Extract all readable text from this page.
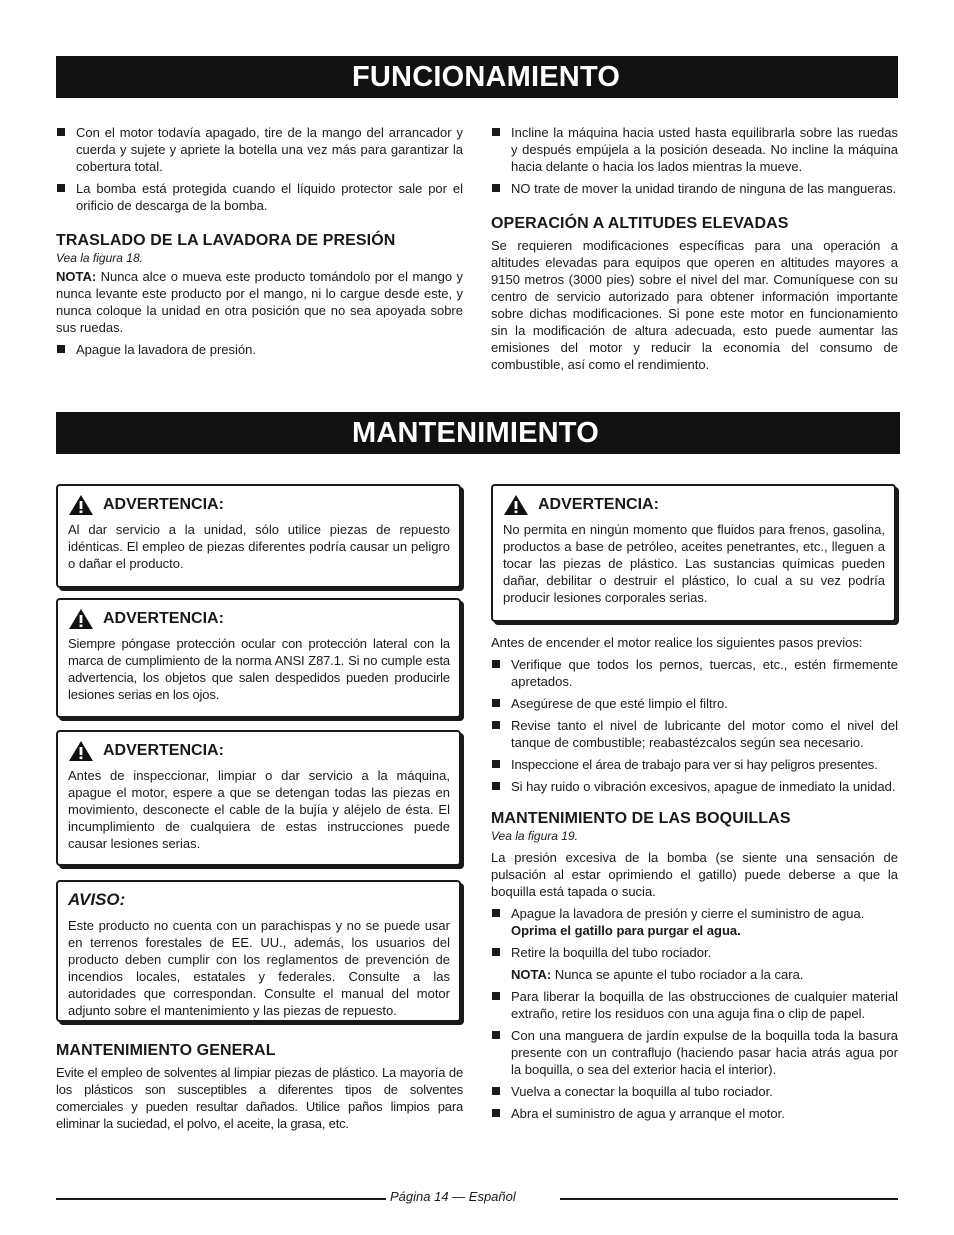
FUNCIONAMIENTO
Con el motor todavía apagado, tire de la mango del arrancador y cuerda y sujete y apriete la botella una vez más para garantizar la cobertura total.
La bomba está protegida cuando el líquido protector sale por el orificio de descarga de la bomba.
TRASLADO DE LA LAVADORA DE PRESIÓN

Vea la figura 18.

NOTA: Nunca alce o mueva este producto tomándolo por el mango y nunca levante este producto por el mango, ni lo cargue desde este, y nunca coloque la unidad en otra posición que no sea apoyada sobre sus ruedas.

Apague la lavadora de presión.
Incline la máquina hacia usted hasta equilibrarla sobre las ruedas y después empújela a la posición deseada. No incline la máquina hacia delante o hacia los lados mientras la mueve.
NO trate de mover la unidad tirando de ninguna de las mangueras.
OPERACIÓN A ALTITUDES ELEVADAS

Se requieren modificaciones específicas para una operación a altitudes elevadas para equipos que operen en altitudes mayores a 9150 metros (3000 pies) sobre el nivel del mar. Comuníquese con su centro de servicio autorizado para obtener información importante sobre dichas modificaciones. Si pone este motor en funcionamiento sin la modificación de altura adecuada, esto puede aumentar las emisiones del motor y reducir la economía del consumo de combustible, así como el rendimiento.

MANTENIMIENTO
ADVERTENCIA:
Al dar servicio a la unidad, sólo utilice piezas de repuesto idénticas. El empleo de piezas diferentes podría causar un peligro o dañar el producto.
ADVERTENCIA:
Siempre póngase protección ocular con protección lateral con la marca de cumplimiento de la norma ANSI Z87.1. Si no cumple esta advertencia, los objetos que salen despedidos pueden producirle lesiones serias en los ojos.
ADVERTENCIA:
Antes de inspeccionar, limpiar o dar servicio a la máquina, apague el motor, espere a que se detengan todas las piezas en movimiento, desconecte el cable de la bujía y aléjelo de ésta. El incumplimiento de cualquiera de estas instrucciones puede causar lesiones serias.
AVISO:
Este producto no cuenta con un parachispas y no se puede usar en terrenos forestales de EE. UU., además, los usuarios del producto deben cumplir con los reglamentos de prevención de incendios locales, estatales y federales. Consulte a las autoridades que correspondan. Consulte el manual del motor adjunto sobre el mantenimiento y las piezas de repuesto.
MANTENIMIENTO GENERAL

Evite el empleo de solventes al limpiar piezas de plástico. La mayoría de los plásticos son susceptibles a diferentes tipos de solventes comerciales y pueden resultar dañados. Utilice paños limpios para eliminar la suciedad, el polvo, el aceite, la grasa, etc.

ADVERTENCIA:
No permita en ningún momento que fluidos para frenos, gasolina, productos a base de petróleo, aceites penetrantes, etc., lleguen a tocar las piezas de plástico. Las sustancias químicas pueden dañar, debilitar o destruir el plástico, lo cual a su vez podría producir lesiones corporales serias.

Antes de encender el motor realice los siguientes pasos previos:

Verifique que todos los pernos, tuercas, etc., estén firmemente apretados.
Asegúrese de que esté limpio el filtro.
Revise tanto el nivel de lubricante del motor como el nivel del tanque de combustible; reabastézcalos según sea necesario.
Inspeccione el área de trabajo para ver si hay peligros presentes.
Si hay ruido o vibración excesivos, apague de inmediato la unidad.
MANTENIMIENTO DE LAS BOQUILLAS

Vea la figura 19.

La presión excesiva de la bomba (se siente una sensación de pulsación al estar oprimiendo el gatillo) puede deberse a que la boquilla está tapada o sucia.

Apague la lavadora de presión y cierre el suministro de agua.
Oprima el gatillo para purgar el agua.
Retire la boquilla del tubo rociador.

NOTA: Nunca se apunte el tubo rociador a la cara.

Para liberar la boquilla de las obstrucciones de cualquier material extraño, retire los residuos con una aguja fina o clip de papel.
Con una manguera de jardín expulse de la boquilla toda la basura presente con un contraflujo (haciendo pasar hacia atrás agua por la boquilla, o sea del exterior hacia el interior).
Vuelva a conectar la boquilla al tubo rociador.
Abra el suministro de agua y arranque el motor.
Página 14 — Español
